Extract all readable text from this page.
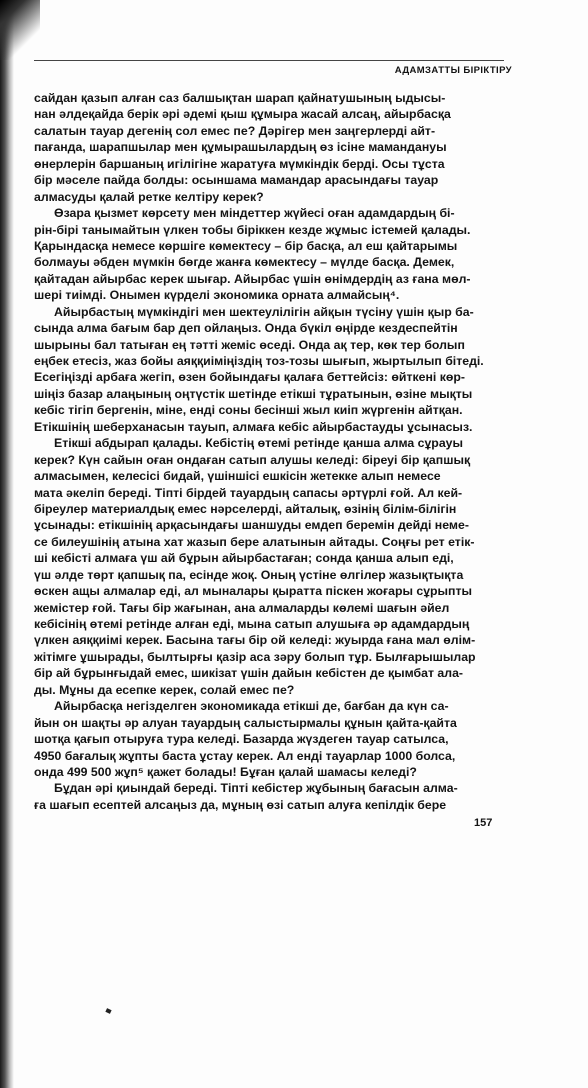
АДАМЗАТТЫ БІРІКТІРУ
сайдан қазып алған саз балшықтан шарап қайнатушының ыдысы-
нан әлдеқайда берік әрі әдемі қыш құмыра жасай алсаң, айырбасқа
салатын тауар дегенің сол емес пе? Дәрігер мен заңгерлерді айт-
пағанда, шарапшылар мен құмырашылардың өз ісіне мамандануы
өнерлерін баршаның игілігіне жаратуға мүмкіндік берді. Осы тұста
бір мәселе пайда болды: осыншама мамандар арасындағы тауар
алмасуды қалай ретке келтіру керек?
Өзара қызмет көрсету мен міндеттер жүйесі оған адамдардың бі-
рін-бірі танымайтын үлкен тобы біріккен кезде жұмыс істемей қалады.
Қарындасқа немесе көршіге көмектесу – бір басқа, ал еш қайтарымы
болмауы әбден мүмкін бөгде жанға көмектесу – мүлде басқа. Демек,
қайтадан айырбас керек шығар. Айырбас үшін өнімдердің аз ғана мөл-
шері тиімді. Онымен күрделі экономика орната алмайсың⁴.
Айырбастың мүмкіндігі мен шектеулілігін айқын түсіну үшін қыр ба-
сында алма бағым бар деп ойлаңыз. Онда бүкіл өңірде кездеспейтін
шырыны бал татыған ең тәтті жеміс өседі. Онда ақ тер, көк тер болып
еңбек етесіз, жаз бойы аяққиіміңіздің тоз-тозы шығып, жыртылып бітеді.
Есегіңізді арбаға жегіп, өзен бойындағы қалаға беттейсіз: өйткені көр-
шіңіз базар алаңының оңтүстік шетінде етікші тұратынын, өзіне мықты
кебіс тігіп бергенін, міне, енді соны бесінші жыл киіп жүргенін айтқан.
Етікшінің шеберханасын тауып, алмаға кебіс айырбастауды ұсынасыз.
Етікші абдырап қалады. Кебістің өтемі ретінде қанша алма сұрауы
керек? Күн сайын оған ондаған сатып алушы келеді: біреуі бір қапшық
алмасымен, келесісі бидай, үшіншісі ешкісін жетекке алып немесе
мата әкеліп береді. Тіпті бірдей тауардың сапасы әртүрлі ғой. Ал кей-
біреулер материалдық емес нәрселерді, айталық, өзінің білім-білігін
ұсынады: етікшінің арқасындағы шаншуды емдеп беремін дейді неме-
се билеушінің атына хат жазып бере алатынын айтады. Соңғы рет етік-
ші кебісті алмаға үш ай бұрын айырбастаған; сонда қанша алып еді,
үш әлде төрт қапшық па, есінде жоқ. Оның үстіне өлгілер жазықтықта
өскен ащы алмалар еді, ал мыналары қыратта піскен жоғары сұрыпты
жемістер ғой. Тағы бір жағынан, ана алмаларды көлемі шағын әйел
кебісінің өтемі ретінде алған еді, мына сатып алушыға әр адамдардың
үлкен аяққиімі керек. Басына тағы бір ой келеді: жуырда ғана мал өлім-
жітімге ұшырады, былтырғы қазір аса зәру болып тұр. Былғарышылар
бір ай бұрынғыдай емес, шикізат үшін дайын кебістен де қымбат ала-
ды. Мұны да есепке керек, солай емес пе?
Айырбасқа негізделген экономикада етікші де, бағбан да күн са-
йын он шақты әр алуан тауардың салыстырмалы құнын қайта-қайта
шотқа қағып отыруға тура келеді. Базарда жүздеген тауар сатылса,
4950 бағалық жұпты баста ұстау керек. Ал енді тауарлар 1000 болса,
онда 499 500 жұп⁵ қажет болады! Бұған қалай шамасы келеді?
Бұдан әрі қиындай береді. Тіпті кебістер жұбының бағасын алма-
ға шағып есептей алсаңыз да, мұның өзі сатып алуға кепілдік бере
157
